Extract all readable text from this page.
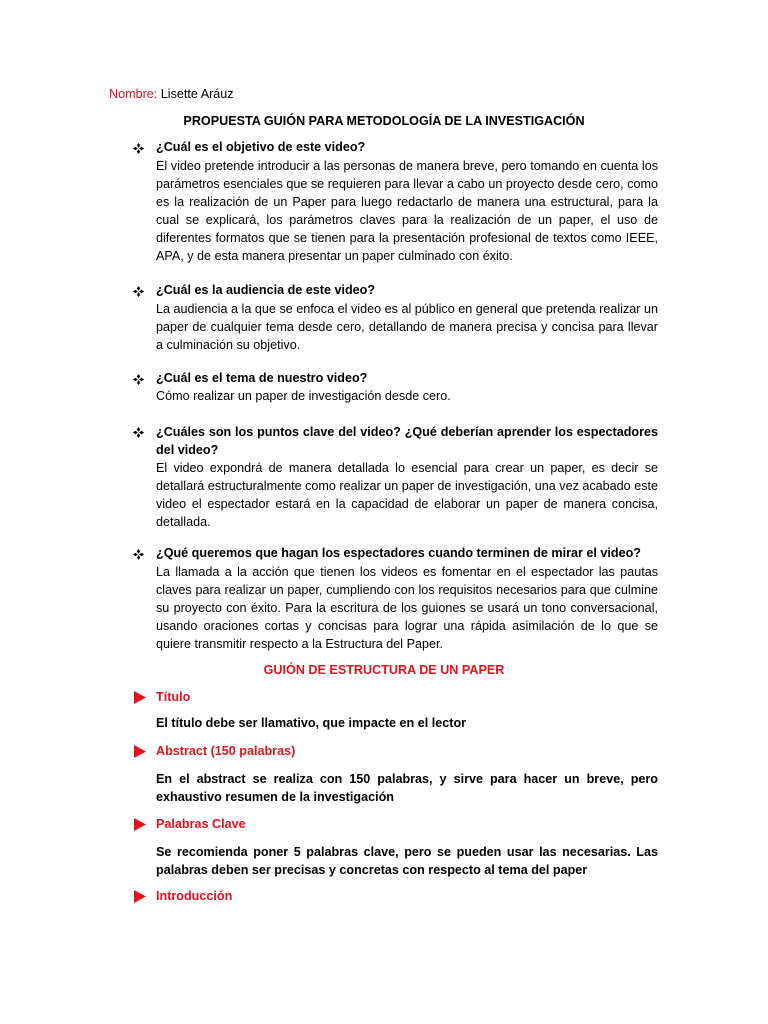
Nombre: Lisette Aráuz
PROPUESTA GUIÓN PARA METODOLOGÍA DE LA INVESTIGACIÓN
¿Cuál es el objetivo de este video?
El video pretende introducir a las personas de manera breve, pero tomando en cuenta los parámetros esenciales que se requieren para llevar a cabo un proyecto desde cero, como es la realización de un Paper para luego redactarlo de manera una estructural, para la cual se explicará, los parámetros claves para la realización de un paper, el uso de diferentes formatos que se tienen para la presentación profesional de textos como IEEE, APA, y de esta manera presentar un paper culminado con éxito.
¿Cuál es la audiencia de este video?
La audiencia a la que se enfoca el video es al público en general que pretenda realizar un paper de cualquier tema desde cero, detallando de manera precisa y concisa para llevar a culminación su objetivo.
¿Cuál es el tema de nuestro video?
Cómo realizar un paper de investigación desde cero.
¿Cuáles son los puntos clave del video? ¿Qué deberían aprender los espectadores del video?
El video expondrá de manera detallada lo esencial para crear un paper, es decir se detallará estructuralmente como realizar un paper de investigación, una vez acabado este video el espectador estará en la capacidad de elaborar un paper de manera concisa, detallada.
¿Qué queremos que hagan los espectadores cuando terminen de mirar el video?
La llamada a la acción que tienen los videos es fomentar en el espectador las pautas claves para realizar un paper, cumpliendo con los requisitos necesarios para que culmine su proyecto con éxito. Para la escritura de los guiones se usará un tono conversacional, usando oraciones cortas y concisas para lograr una rápida asimilación de lo que se quiere transmitir respecto a la Estructura del Paper.
GUIÓN DE ESTRUCTURA DE UN PAPER
Título
El título debe ser llamativo, que impacte en el lector
Abstract (150 palabras)
En el abstract se realiza con 150 palabras, y sirve para hacer un breve, pero exhaustivo resumen de la investigación
Palabras Clave
Se recomienda poner 5 palabras clave, pero se pueden usar las necesarias. Las palabras deben ser precisas y concretas con respecto al tema del paper
Introducción
